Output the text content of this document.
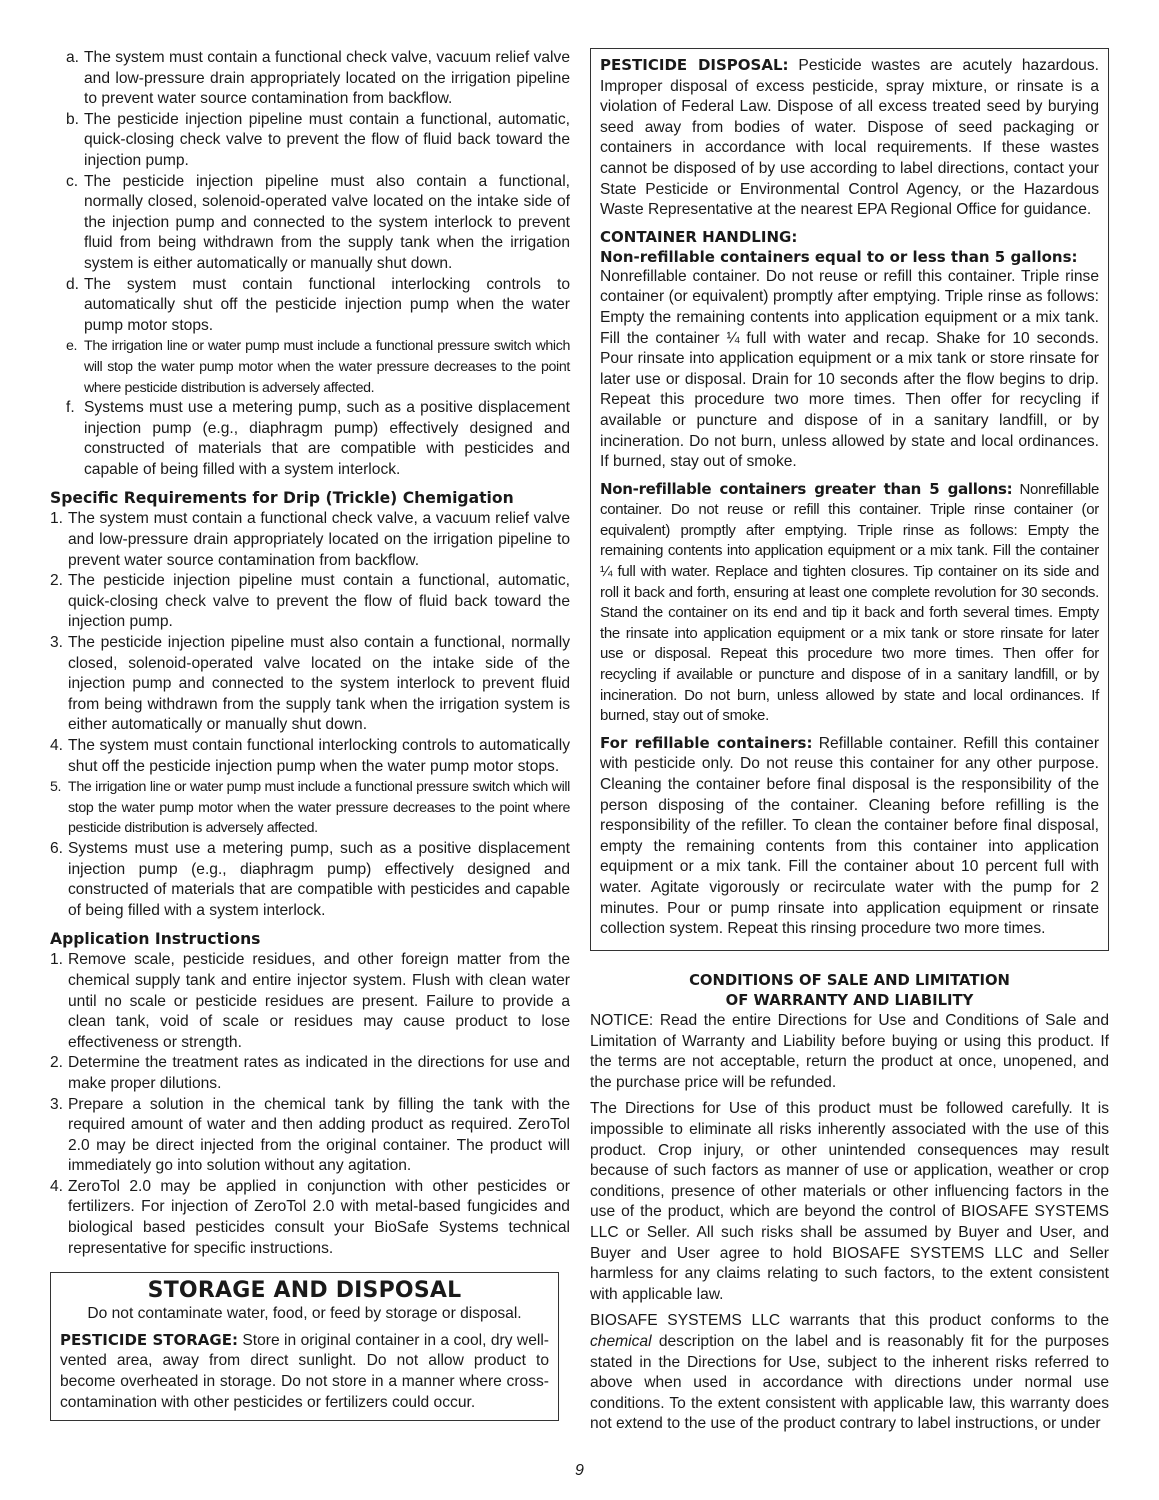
a. The system must contain a functional check valve, vacuum relief valve and low-pressure drain appropriately located on the irrigation pipeline to prevent water source contamination from backflow.
b. The pesticide injection pipeline must contain a functional, automatic, quick-closing check valve to prevent the flow of fluid back toward the injection pump.
c. The pesticide injection pipeline must also contain a functional, normally closed, solenoid-operated valve located on the intake side of the injection pump and connected to the system interlock to prevent fluid from being withdrawn from the supply tank when the irrigation system is either automatically or manually shut down.
d. The system must contain functional interlocking controls to automatically shut off the pesticide injection pump when the water pump motor stops.
e. The irrigation line or water pump must include a functional pressure switch which will stop the water pump motor when the water pressure decreases to the point where pesticide distribution is adversely affected.
f. Systems must use a metering pump, such as a positive displacement injection pump (e.g., diaphragm pump) effectively designed and constructed of materials that are compatible with pesticides and capable of being filled with a system interlock.
Specific Requirements for Drip (Trickle) Chemigation
1. The system must contain a functional check valve, a vacuum relief valve and low-pressure drain appropriately located on the irrigation pipeline to prevent water source contamination from backflow.
2. The pesticide injection pipeline must contain a functional, automatic, quick-closing check valve to prevent the flow of fluid back toward the injection pump.
3. The pesticide injection pipeline must also contain a functional, normally closed, solenoid-operated valve located on the intake side of the injection pump and connected to the system interlock to prevent fluid from being withdrawn from the supply tank when the irrigation system is either automatically or manually shut down.
4. The system must contain functional interlocking controls to automatically shut off the pesticide injection pump when the water pump motor stops.
5. The irrigation line or water pump must include a functional pressure switch which will stop the water pump motor when the water pressure decreases to the point where pesticide distribution is adversely affected.
6. Systems must use a metering pump, such as a positive displacement injection pump (e.g., diaphragm pump) effectively designed and constructed of materials that are compatible with pesticides and capable of being filled with a system interlock.
Application Instructions
1. Remove scale, pesticide residues, and other foreign matter from the chemical supply tank and entire injector system. Flush with clean water until no scale or pesticide residues are present. Failure to provide a clean tank, void of scale or residues may cause product to lose effectiveness or strength.
2. Determine the treatment rates as indicated in the directions for use and make proper dilutions.
3. Prepare a solution in the chemical tank by filling the tank with the required amount of water and then adding product as required. ZeroTol 2.0 may be direct injected from the original container. The product will immediately go into solution without any agitation.
4. ZeroTol 2.0 may be applied in conjunction with other pesticides or fertilizers. For injection of ZeroTol 2.0 with metal-based fungicides and biological based pesticides consult your BioSafe Systems technical representative for specific instructions.
STORAGE AND DISPOSAL

Do not contaminate water, food, or feed by storage or disposal.

PESTICIDE STORAGE: Store in original container in a cool, dry well-vented area, away from direct sunlight. Do not allow product to become overheated in storage. Do not store in a manner where cross-contamination with other pesticides or fertilizers could occur.

PESTICIDE DISPOSAL: Pesticide wastes are acutely hazardous. Improper disposal of excess pesticide, spray mixture, or rinsate is a violation of Federal Law. Dispose of all excess treated seed by burying seed away from bodies of water. Dispose of seed packaging or containers in accordance with local requirements. If these wastes cannot be disposed of by use according to label directions, contact your State Pesticide or Environmental Control Agency, or the Hazardous Waste Representative at the nearest EPA Regional Office for guidance.

CONTAINER HANDLING:
Non-refillable containers equal to or less than 5 gallons:

Nonrefillable container. Do not reuse or refill this container. Triple rinse container (or equivalent) promptly after emptying. Triple rinse as follows: Empty the remaining contents into application equipment or a mix tank. Fill the container ¼ full with water and recap. Shake for 10 seconds. Pour rinsate into application equipment or a mix tank or store rinsate for later use or disposal. Drain for 10 seconds after the flow begins to drip. Repeat this procedure two more times. Then offer for recycling if available or puncture and dispose of in a sanitary landfill, or by incineration. Do not burn, unless allowed by state and local ordinances. If burned, stay out of smoke.

Non-refillable containers greater than 5 gallons: Nonrefillable container. Do not reuse or refill this container. Triple rinse container (or equivalent) promptly after emptying. Triple rinse as follows: Empty the remaining contents into application equipment or a mix tank. Fill the container ¼ full with water. Replace and tighten closures. Tip container on its side and roll it back and forth, ensuring at least one complete revolution for 30 seconds. Stand the container on its end and tip it back and forth several times. Empty the rinsate into application equipment or a mix tank or store rinsate for later use or disposal. Repeat this procedure two more times. Then offer for recycling if available or puncture and dispose of in a sanitary landfill, or by incineration. Do not burn, unless allowed by state and local ordinances. If burned, stay out of smoke.

For refillable containers: Refillable container. Refill this container with pesticide only. Do not reuse this container for any other purpose. Cleaning the container before final disposal is the responsibility of the person disposing of the container. Cleaning before refilling is the responsibility of the refiller. To clean the container before final disposal, empty the remaining contents from this container into application equipment or a mix tank. Fill the container about 10 percent full with water. Agitate vigorously or recirculate water with the pump for 2 minutes. Pour or pump rinsate into application equipment or rinsate collection system. Repeat this rinsing procedure two more times.

CONDITIONS OF SALE AND LIMITATION
OF WARRANTY AND LIABILITY

NOTICE: Read the entire Directions for Use and Conditions of Sale and Limitation of Warranty and Liability before buying or using this product. If the terms are not acceptable, return the product at once, unopened, and the purchase price will be refunded.

The Directions for Use of this product must be followed carefully. It is impossible to eliminate all risks inherently associated with the use of this product. Crop injury, or other unintended consequences may result because of such factors as manner of use or application, weather or crop conditions, presence of other materials or other influencing factors in the use of the product, which are beyond the control of BIOSAFE SYSTEMS LLC or Seller. All such risks shall be assumed by Buyer and User, and Buyer and User agree to hold BIOSAFE SYSTEMS LLC and Seller harmless for any claims relating to such factors, to the extent consistent with applicable law.

BIOSAFE SYSTEMS LLC warrants that this product conforms to the chemical description on the label and is reasonably fit for the purposes stated in the Directions for Use, subject to the inherent risks referred to above when used in accordance with directions under normal use conditions. To the extent consistent with applicable law, this warranty does not extend to the use of the product contrary to label instructions, or under

9
